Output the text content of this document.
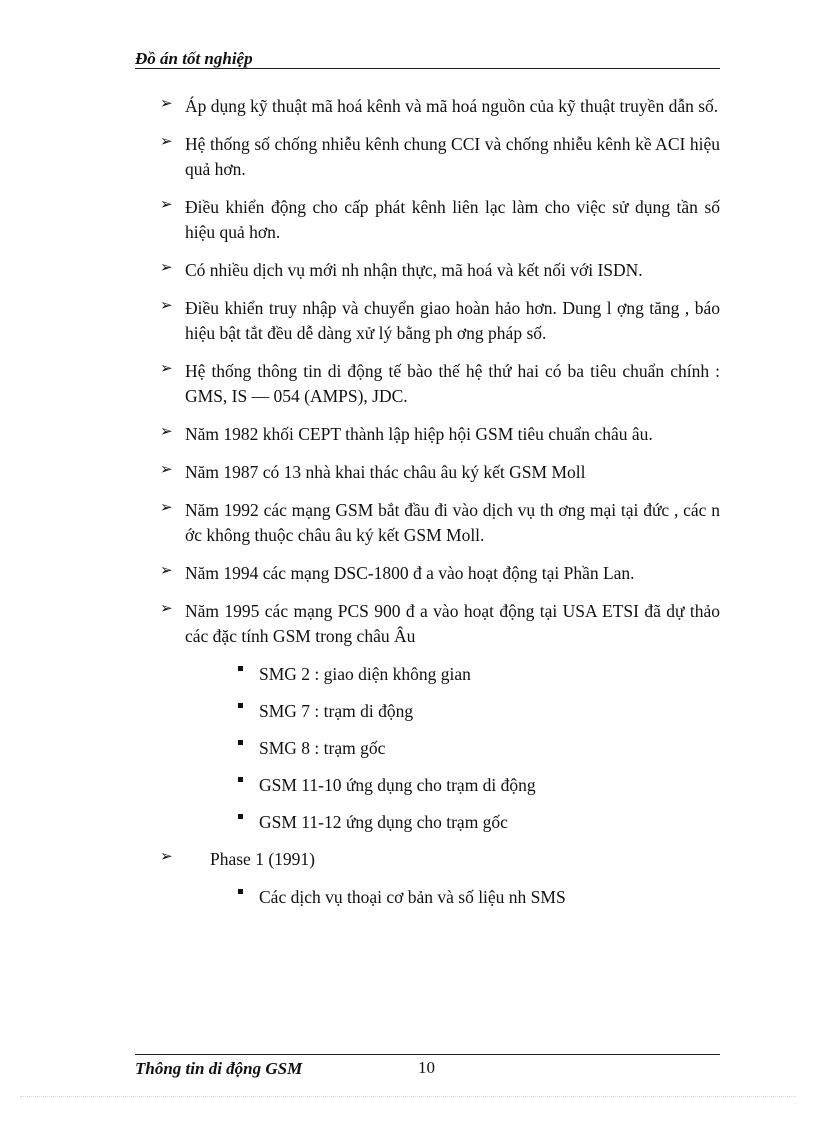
Đồ án tốt nghiệp
➢ Áp dụng kỹ thuật mã hoá kênh và mã hoá nguồn của kỹ thuật truyền dẫn số.
➢ Hệ thống số chống nhiễu kênh chung CCI và chống nhiễu kênh kề ACI hiệu quả hơn.
➢ Điều khiển động cho cấp phát kênh liên lạc làm cho việc sử dụng tần số hiệu quả hơn.
➢ Có nhiều dịch vụ mới nh nhận thực, mã hoá và kết nối với ISDN.
➢ Điều khiển truy nhập và chuyển giao hoàn hảo hơn. Dung l ợng tăng , báo hiệu bật tắt đều dễ dàng xử lý bằng ph ơng pháp số.
➢ Hệ thống thông tin di động tế bào thế hệ thứ hai có ba tiêu chuẩn chính : GMS, IS — 054 (AMPS), JDC.
➢ Năm 1982 khối CEPT thành lập hiệp hội GSM tiêu chuẩn châu âu.
➢ Năm 1987 có 13 nhà khai thác châu âu ký kết GSM Moll
➢ Năm 1992 các mạng GSM bắt đầu đi vào dịch vụ th ơng mại tại đức , các n ớc không thuộc châu âu ký kết GSM Moll.
➢ Năm 1994 các mạng DSC-1800 đ a vào hoạt động tại Phần Lan.
➢ Năm 1995 các mạng PCS 900 đ a vào hoạt động tại USA ETSI đã dự thảo các đặc tính GSM trong châu Âu
SMG 2 : giao diện không gian
SMG 7 : trạm di động
SMG 8 : trạm gốc
GSM 11-10 ứng dụng cho trạm di động
GSM 11-12 ứng dụng cho trạm gốc
➢	Phase 1 (1991)
Các dịch vụ thoại cơ bản và số liệu nh SMS
Thông tin di động GSM	10
